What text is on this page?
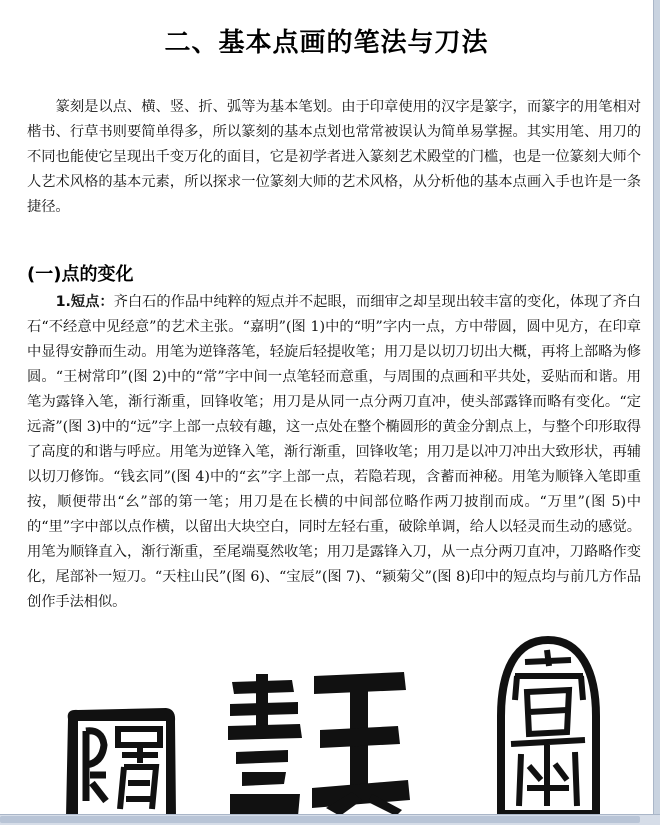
二、基本点画的笔法与刀法

篆刻是以点、横、竖、折、弧等为基本笔划。由于印章使用的汉字是篆字，而篆字的用笔相对楷书、行草书则要简单得多，所以篆刻的基本点划也常常被误认为简单易掌握。其实用笔、用刀的不同也能使它呈现出千变万化的面目，它是初学者进入篆刻艺术殿堂的门槛，也是一位篆刻大师个人艺术风格的基本元素，所以探求一位篆刻大师的艺术风格，从分析他的基本点画入手也许是一条捷径。

(一)点的变化

1.短点：齐白石的作品中纯粹的短点并不起眼，而细审之却呈现出较丰富的变化，体现了齐白石“不经意中见经意”的艺术主张。“嘉明”(图 1)中的“明”字内一点，方中带圆，圆中见方，在印章中显得安静而生动。用笔为逆锋落笔，轻旋后轻提收笔；用刀是以切刀切出大概，再将上部略为修圆。“王树常印”(图 2)中的“常”字中间一点笔轻而意重，与周围的点画和平共处，妥贴而和谐。用笔为露锋入笔，渐行渐重，回锋收笔；用刀是从同一点分两刀直冲，使头部露锋而略有变化。“定远斋”(图 3)中的“远”字上部一点较有趣，这一点处在整个椭圆形的黄金分割点上，与整个印形取得了高度的和谐与呼应。用笔为逆锋入笔，渐行渐重，回锋收笔；用刀是以冲刀冲出大致形状，再辅以切刀修饰。“钱玄同”(图 4)中的“玄”字上部一点，若隐若现，含蓄而神秘。用笔为顺锋入笔即重按，顺便带出“幺”部的第一笔；用刀是在长横的中间部位略作两刀披削而成。“万里”(图 5)中的“里”字中部以点作横，以留出大块空白，同时左轻右重，破除单调，给人以轻灵而生动的感觉。用笔为顺锋直入，渐行渐重，至尾端戛然收笔；用刀是露锋入刀，从一点分两刀直冲，刀路略作变化，尾部补一短刀。“天柱山民”(图 6)、“宝辰”(图 7)、“颍菊父”(图 8)印中的短点均与前几方作品创作手法相似。
